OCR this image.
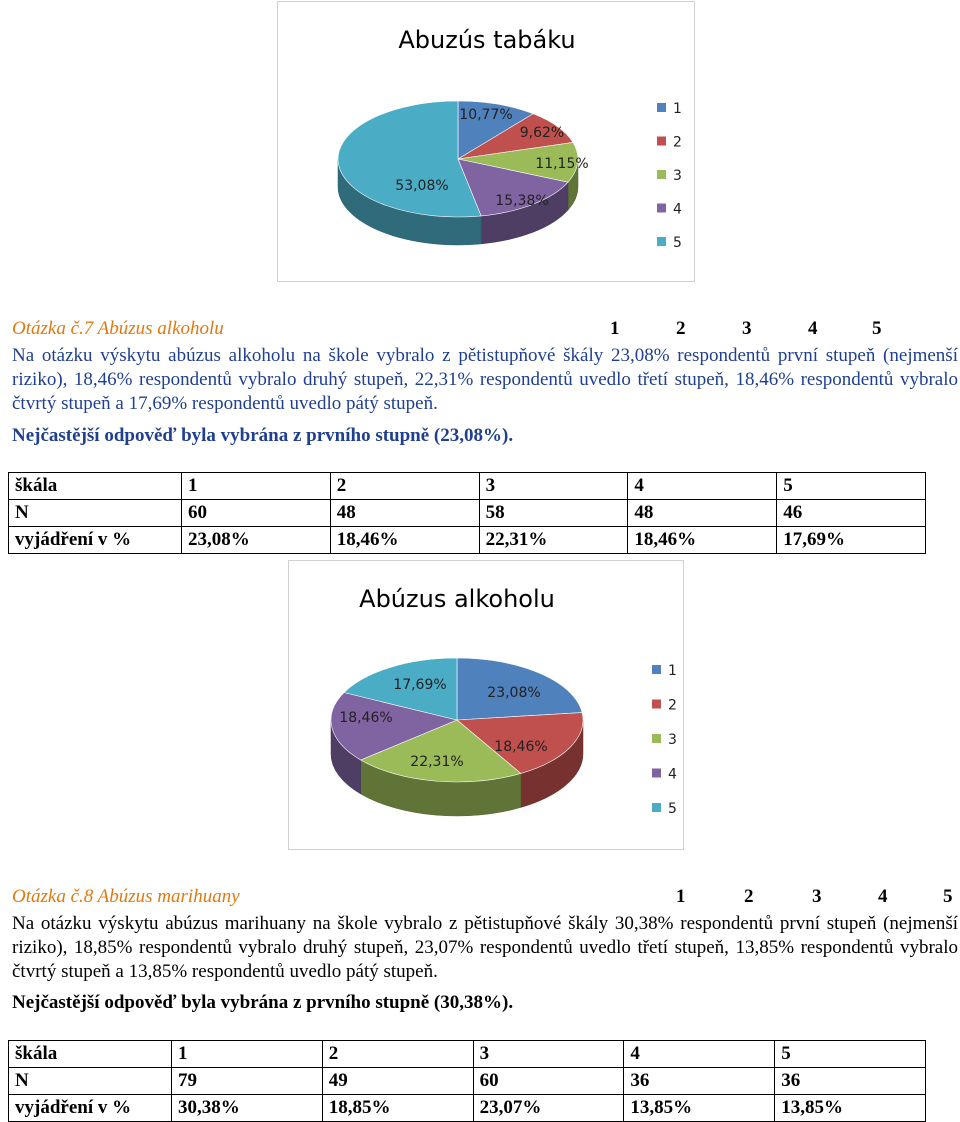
Abuzús tabáku
10,77%
9,62%
11,15%
15,38%
53,08%
1
2
3
4
5
Otázka č.7 Abúzus alkoholu	1	2	3	4	5
Na otázku výskytu abúzus alkoholu na škole vybralo z pětistupňové škály 23,08% respondentů první stupeň (nejmenší riziko), 18,46% respondentů vybralo druhý stupeň, 22,31% respondentů uvedlo třetí stupeň, 18,46% respondentů vybralo čtvrtý stupeň a 17,69% respondentů uvedlo pátý stupeň.
Nejčastější odpověď byla vybrána z prvního stupně (23,08%).
škála	1	2	3	4	5
N	60	48	58	48	46
vyjádření v %	23,08%	18,46%	22,31%	18,46%	17,69%
Abúzus alkoholu
23,08%
18,46%
22,31%
18,46%
17,69%
1
2
3
4
5
Otázka č.8 Abúzus marihuany	1	2	3	4	5
Na otázku výskytu abúzus marihuany na škole vybralo z pětistupňové škály 30,38% respondentů první stupeň (nejmenší riziko), 18,85% respondentů vybralo druhý stupeň, 23,07% respondentů uvedlo třetí stupeň, 13,85% respondentů vybralo čtvrtý stupeň a 13,85% respondentů uvedlo pátý stupeň.
Nejčastější odpověď byla vybrána z prvního stupně (30,38%).
škála	1	2	3	4	5
N	79	49	60	36	36
vyjádření v %	30,38%	18,85%	23,07%	13,85%	13,85%
